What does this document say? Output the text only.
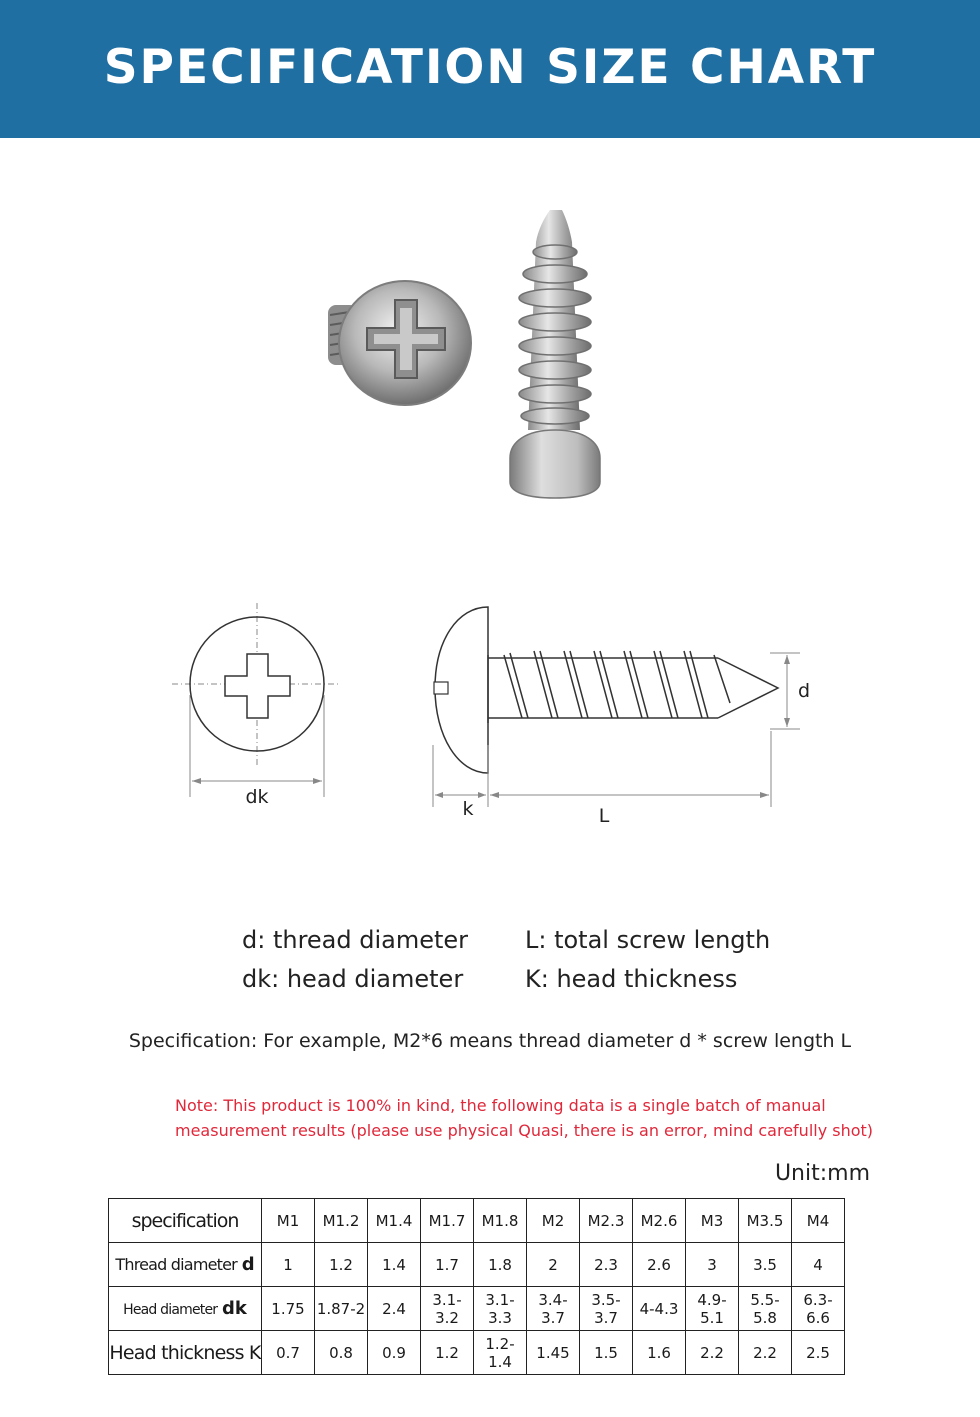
SPECIFICATION SIZE CHART
dk
d
k	L
d: thread diameter L: total screw length
dk: head diameter	K: head thickness
Specification: For example, M2*6 means thread diameter d * screw length L
Note: This product is 100% in kind, the following data is a single batch of manual
measurement results (please use physical Quasi, there is an error, mind carefully shot)
Unit:mm
specification	M1	M1.2	M1.4	M1.7	M1.8	M2	M2.3	M2.6	M3	M3.5	M4
Thread diameter d	1	1.2	1.4	1.7	1.8	2	2.3	2.6	3	3.5	4
Head diameter dk	1.75	1.87-2	2.4	3.1-3.2	3.1-3.3	3.4-3.7	3.5-3.7	4-4.3	4.9-5.1	5.5-5.8	6.3-6.6
Head thickness K	0.7	0.8	0.9	1.2	1.2-1.4	1.45	1.5	1.6	2.2	2.2	2.5
